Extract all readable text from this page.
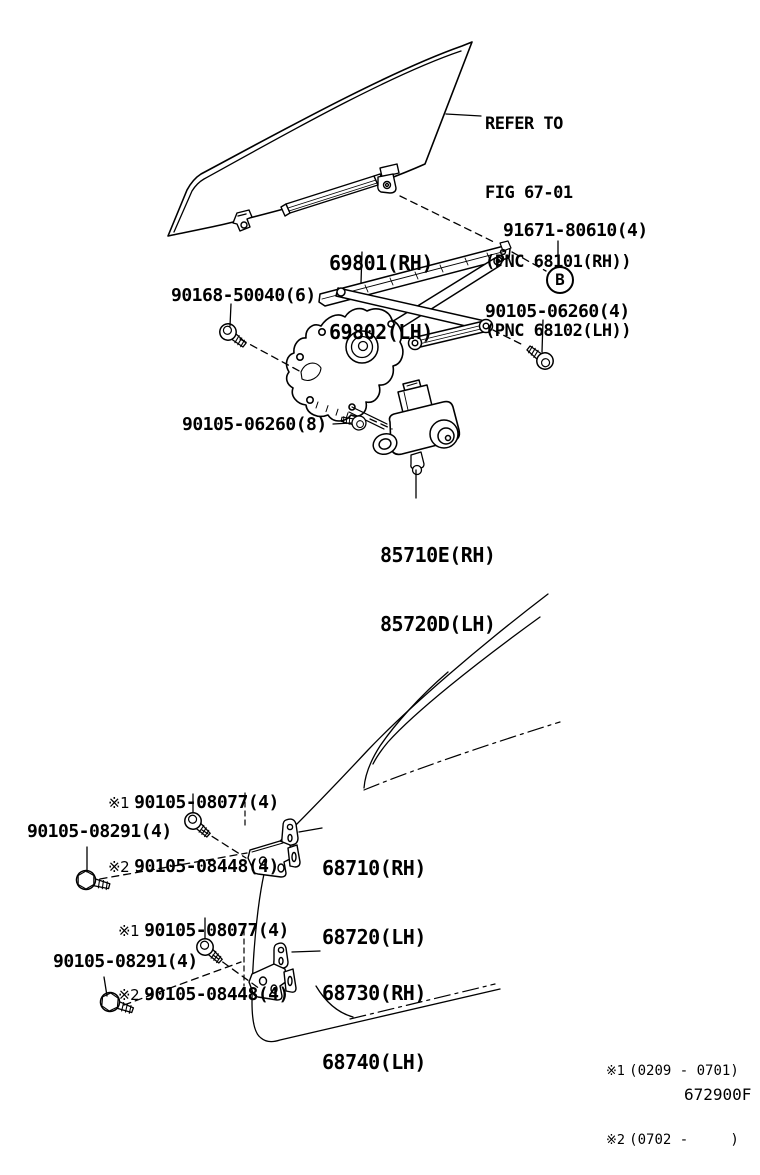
REFER TO

FIG 67-01

(PNC 68101(RH))

(PNC 68102(LH))

69801(RH)

69802(LH)

91671-80610(4)
B
90168-50040(6)
90105-06260(4)
90105-06260(8)

85710E(RH)

85720D(LH)

※1 90105-08077(4)

※2 90105-08448(4)

90105-08291(4)

68710(RH)

68720(LH)

※1 90105-08077(4)

※2 90105-08448(4)

90105-08291(4)

68730(RH)

68740(LH)

	※1 (0209 - 0701)

※2 (0702 -     )

672900F
